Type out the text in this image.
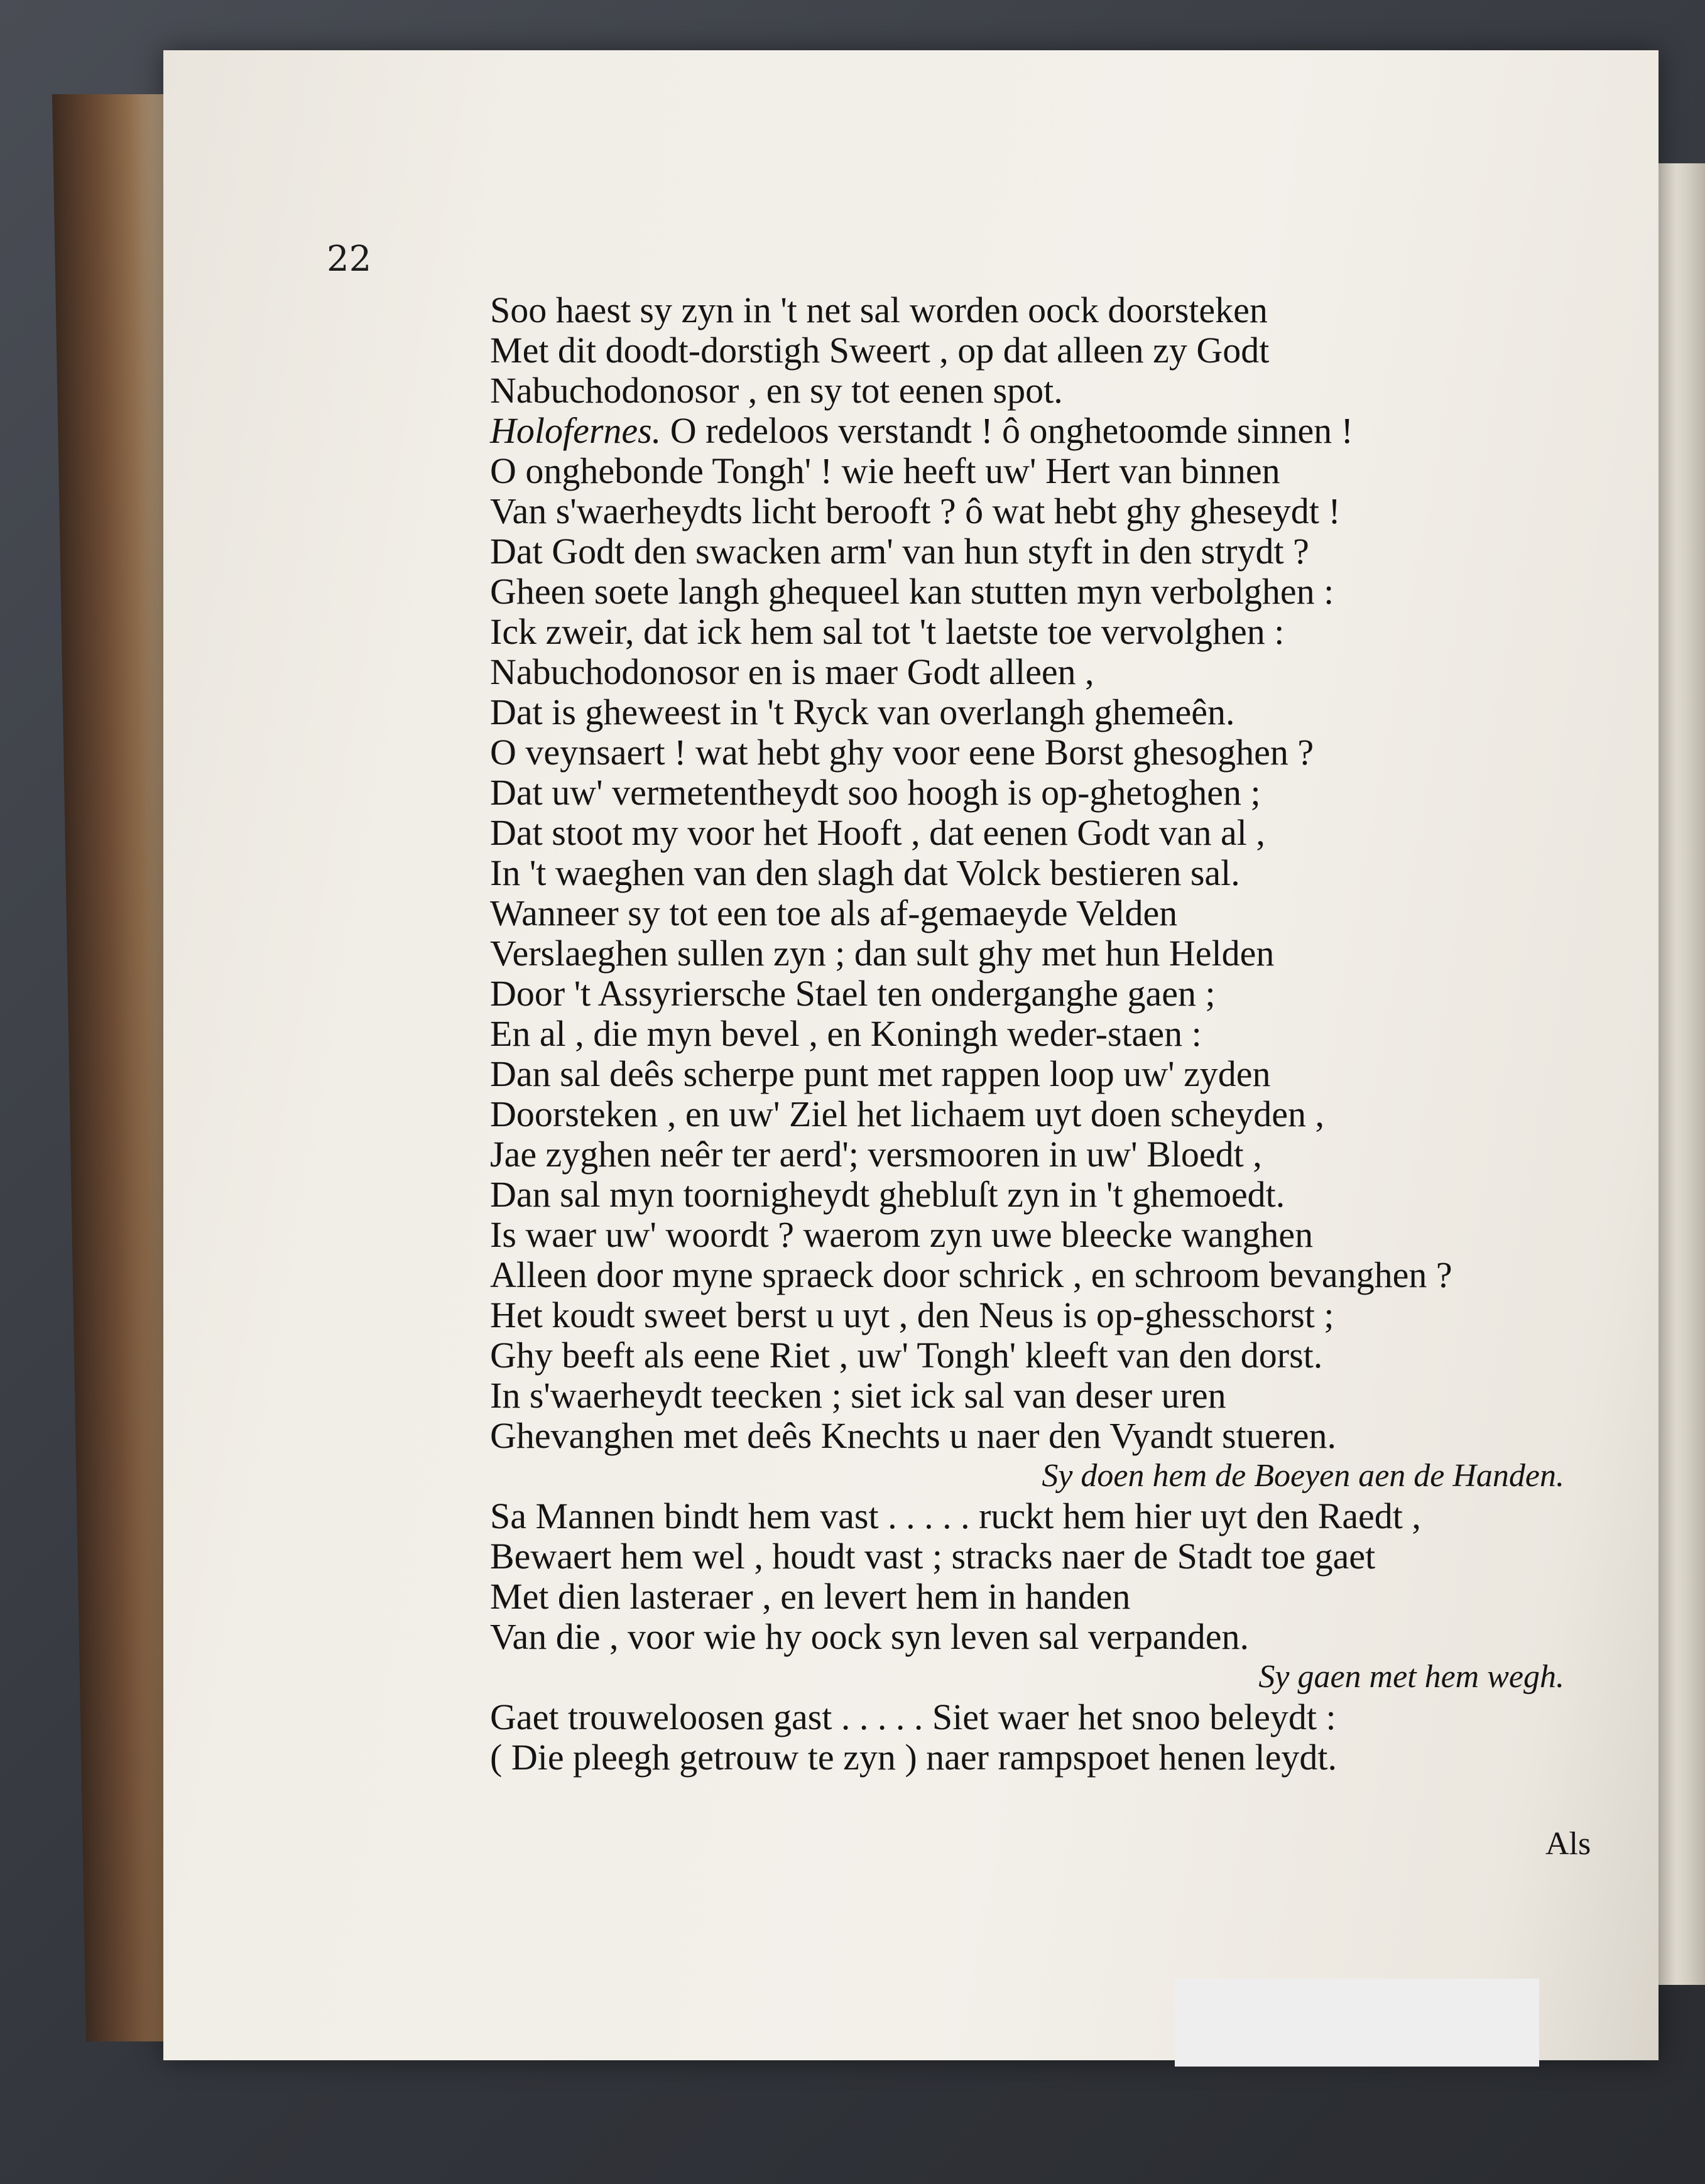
22
Soo haest sy zyn in 't net sal worden oock doorsteken
Met dit doodt-dorstigh Sweert , op dat alleen zy Godt
Nabuchodonosor , en sy tot eenen spot.
Holofernes. O redeloos verstandt ! ô onghetoomde sinnen !
O onghebonde Tongh' ! wie heeft uw' Hert van binnen
Van s'waerheydts licht berooft ? ô wat hebt ghy ghesеydt !
Dat Godt den swacken arm' van hun styft in den strydt ?
Gheen soete langh ghequeel kan stutten myn verbolghen :
Ick zweir, dat ick hem sal tot 't laetste toe vervolghen :
Nabuchodonosor en is maer Godt alleen ,
Dat is gheweest in 't Ryck van overlangh ghemeên.
O veynsaert ! wat hebt ghy voor eene Borst ghesoghen ?
Dat uw' vermetentheydt soo hoogh is op-ghetoghen ;
Dat stoot my voor het Hooft , dat eenen Godt van al ,
In 't waeghen van den slagh dat Volck bestieren sal.
Wanneer sy tot een toe als af-gemaeyde Velden
Verslaeghen sullen zyn ; dan sult ghy met hun Helden
Door 't Assyriersche Stael ten onderganghe gaen ;
En al , die myn bevel , en Koningh weder-staen :
Dan sal deês scherpe punt met rappen loop uw' zyden
Doorsteken , en uw' Ziel het lichaem uyt doen scheyden ,
Jae zyghen neêr ter aerd'; versmooren in uw' Bloedt ,
Dan sal myn toornigheydt ghebluſt zyn in 't ghemoedt.
Is waer uw' woordt ? waerom zyn uwe bleecke wanghen
Alleen door myne spraeck door schrick , en schroom bevanghen ?
Het koudt sweet berst u uyt , den Neus is op-ghesschorst ;
Ghy beeft als eene Riet , uw' Tongh' kleeft van den dorst.
In s'waerheydt teecken ; siet ick sal van deser uren
Ghevanghen met deês Knechts u naer den Vyandt stueren.
Sy doen hem de Boeyen aen de Handen.
Sa Mannen bindt hem vast . . . . . ruckt hem hier uyt den Raedt ,
Bewaert hem wel , houdt vast ; stracks naer de Stadt toe gaet
Met dien lasteraer , en levert hem in handen
Van die , voor wie hy oock syn leven sal verpanden.
Sy gaen met hem wegh.
Gaet trouweloosen gast . . . . . Siet waer het snoo beleydt :
( Die pleegh getrouw te zyn ) naer rampspoet henen leydt.
Als
